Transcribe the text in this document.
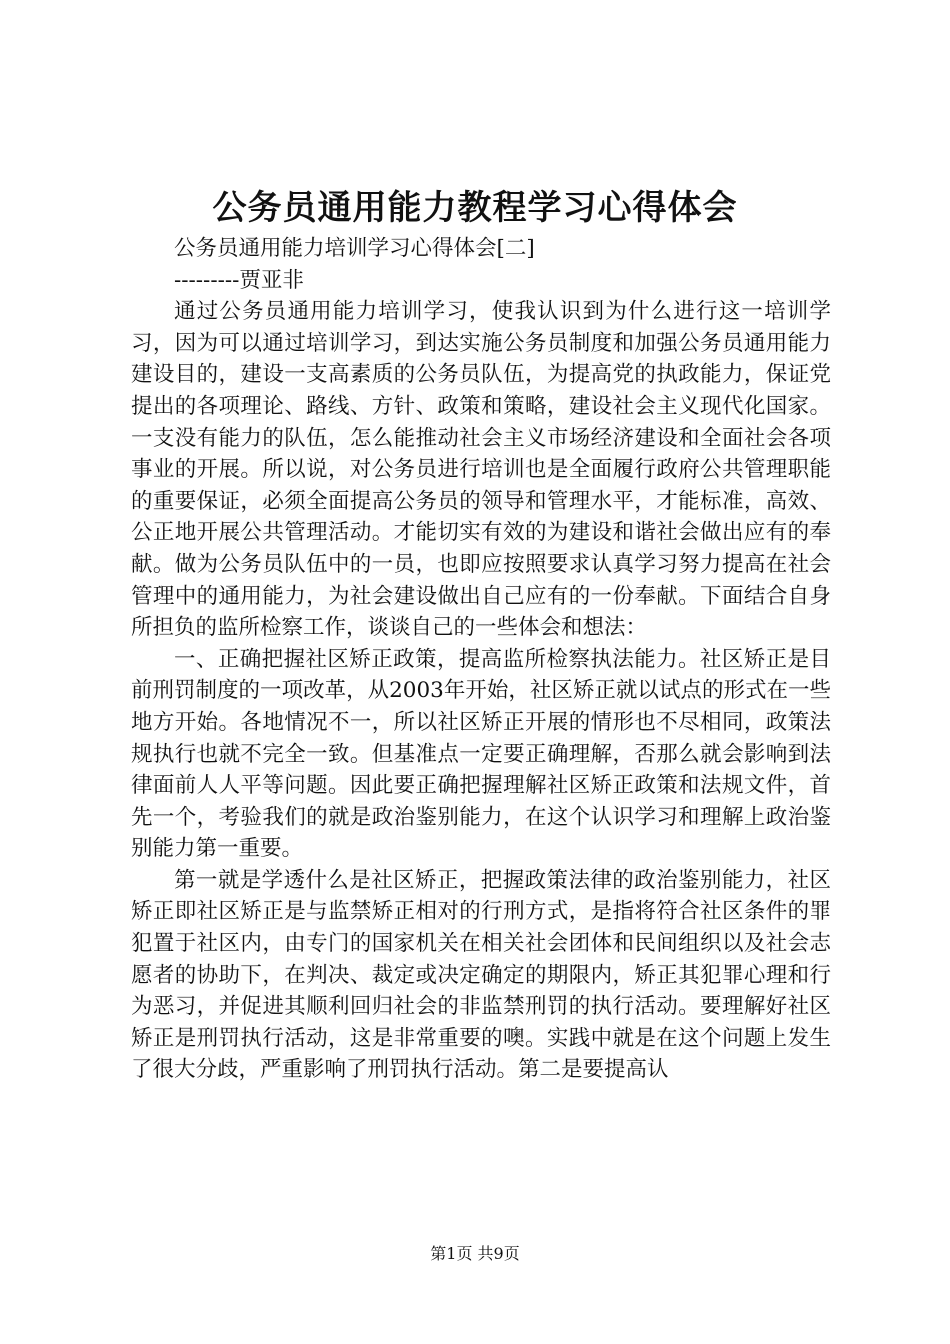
公务员通用能力教程学习心得体会
公务员通用能力培训学习心得体会[二]
---------贾亚非

通过公务员通用能力培训学习，使我认识到为什么进行这一培训学习，因为可以通过培训学习，到达实施公务员制度和加强公务员通用能力建设目的，建设一支高素质的公务员队伍，为提高党的执政能力，保证党提出的各项理论、路线、方针、政策和策略，建设社会主义现代化国家。一支没有能力的队伍，怎么能推动社会主义市场经济建设和全面社会各项事业的开展。所以说，对公务员进行培训也是全面履行政府公共管理职能的重要保证，必须全面提高公务员的领导和管理水平，才能标准，高效、公正地开展公共管理活动。才能切实有效的为建设和谐社会做出应有的奉献。做为公务员队伍中的一员，也即应按照要求认真学习努力提高在社会管理中的通用能力，为社会建设做出自己应有的一份奉献。下面结合自身所担负的监所检察工作，谈谈自己的一些体会和想法：

一、正确把握社区矫正政策，提高监所检察执法能力。社区矫正是目前刑罚制度的一项改革，从2003年开始，社区矫正就以试点的形式在一些地方开始。各地情况不一，所以社区矫正开展的情形也不尽相同，政策法规执行也就不完全一致。但基准点一定要正确理解，否那么就会影响到法律面前人人平等问题。因此要正确把握理解社区矫正政策和法规文件，首先一个，考验我们的就是政治鉴别能力，在这个认识学习和理解上政治鉴别能力第一重要。

第一就是学透什么是社区矫正，把握政策法律的政治鉴别能力，社区矫正即社区矫正是与监禁矫正相对的行刑方式，是指将符合社区条件的罪犯置于社区内，由专门的国家机关在相关社会团体和民间组织以及社会志愿者的协助下，在判决、裁定或决定确定的期限内，矫正其犯罪心理和行为恶习，并促进其顺利回归社会的非监禁刑罚的执行活动。要理解好社区矫正是刑罚执行活动，这是非常重要的噢。实践中就是在这个问题上发生了很大分歧，严重影响了刑罚执行活动。第二是要提高认

第1页 共9页
